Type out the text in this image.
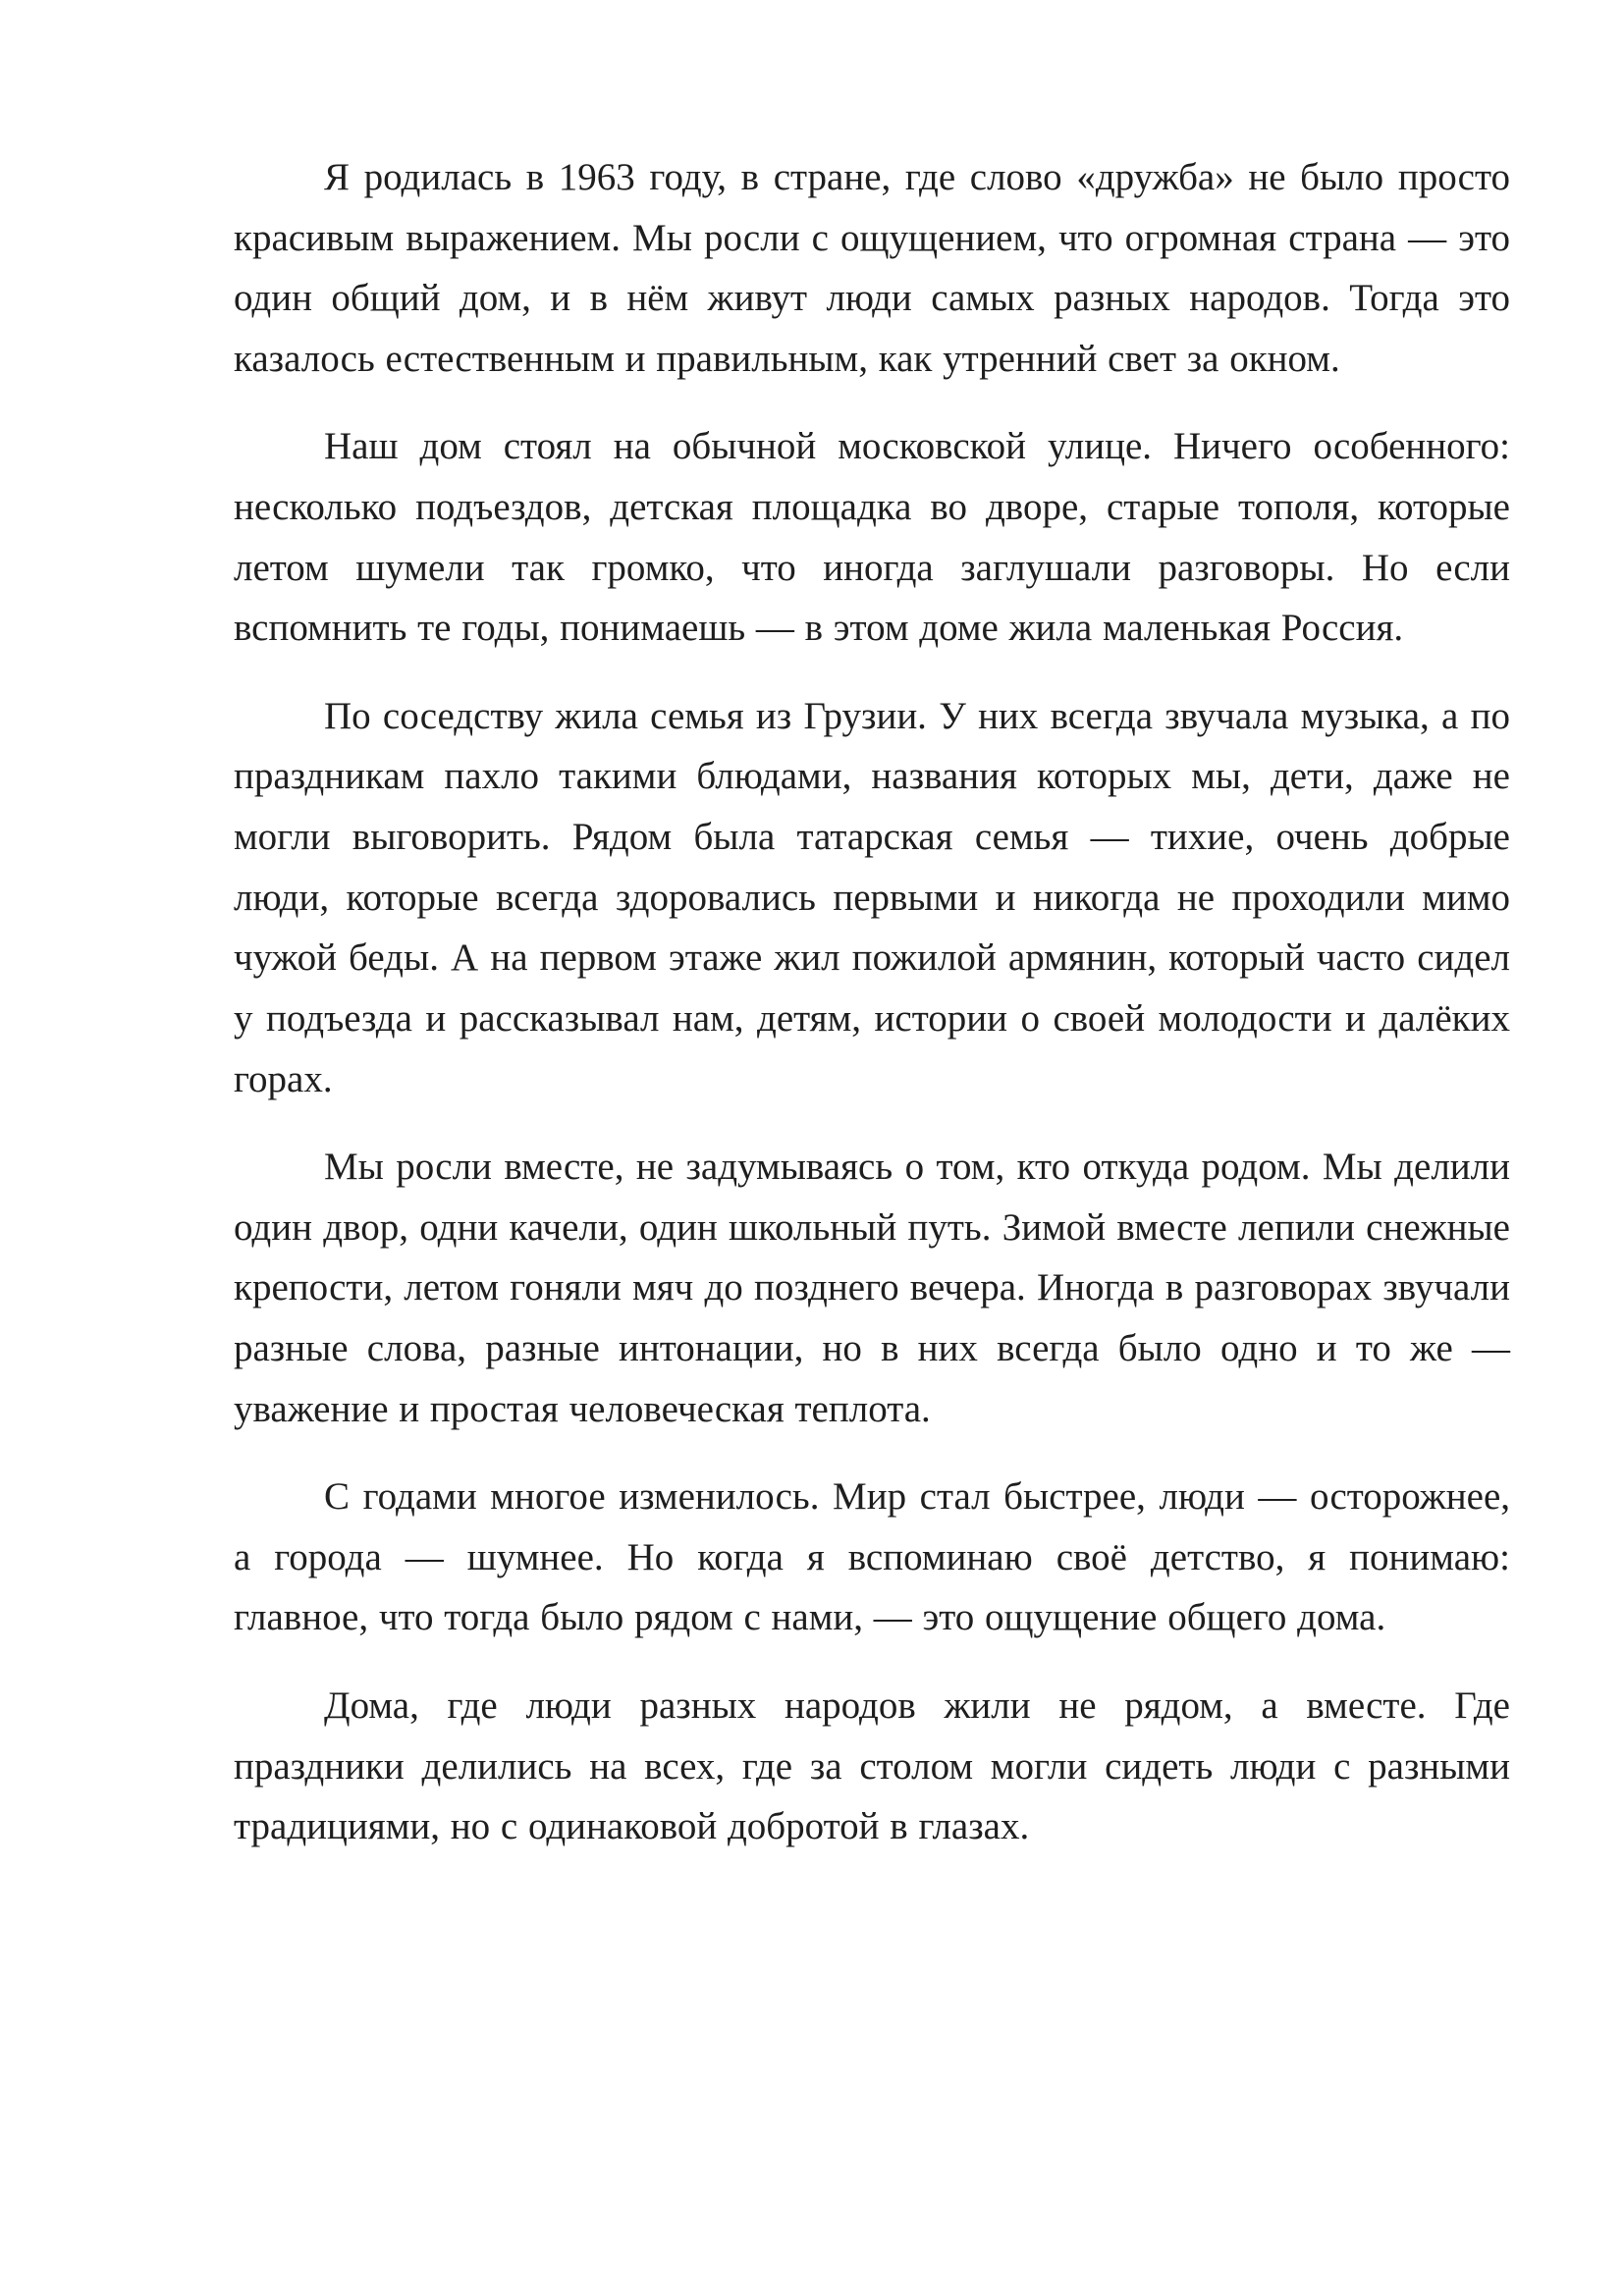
Я родилась в 1963 году, в стране, где слово «дружба» не было просто красивым выражением. Мы росли с ощущением, что огромная страна — это один общий дом, и в нём живут люди самых разных народов. Тогда это казалось естественным и правильным, как утренний свет за окном.

Наш дом стоял на обычной московской улице. Ничего особенного: несколько подъездов, детская площадка во дворе, старые тополя, которые летом шумели так громко, что иногда заглушали разговоры. Но если вспомнить те годы, понимаешь — в этом доме жила маленькая Россия.

По соседству жила семья из Грузии. У них всегда звучала музыка, а по праздникам пахло такими блюдами, названия которых мы, дети, даже не могли выговорить. Рядом была татарская семья — тихие, очень добрые люди, которые всегда здоровались первыми и никогда не проходили мимо чужой беды. А на первом этаже жил пожилой армянин, который часто сидел у подъезда и рассказывал нам, детям, истории о своей молодости и далёких горах.

Мы росли вместе, не задумываясь о том, кто откуда родом. Мы делили один двор, одни качели, один школьный путь. Зимой вместе лепили снежные крепости, летом гоняли мяч до позднего вечера. Иногда в разговорах звучали разные слова, разные интонации, но в них всегда было одно и то же — уважение и простая человеческая теплота.

С годами многое изменилось. Мир стал быстрее, люди — осторожнее, а города — шумнее. Но когда я вспоминаю своё детство, я понимаю: главное, что тогда было рядом с нами, — это ощущение общего дома.

Дома, где люди разных народов жили не рядом, а вместе. Где праздники делились на всех, где за столом могли сидеть люди с разными традициями, но с одинаковой добротой в глазах.
